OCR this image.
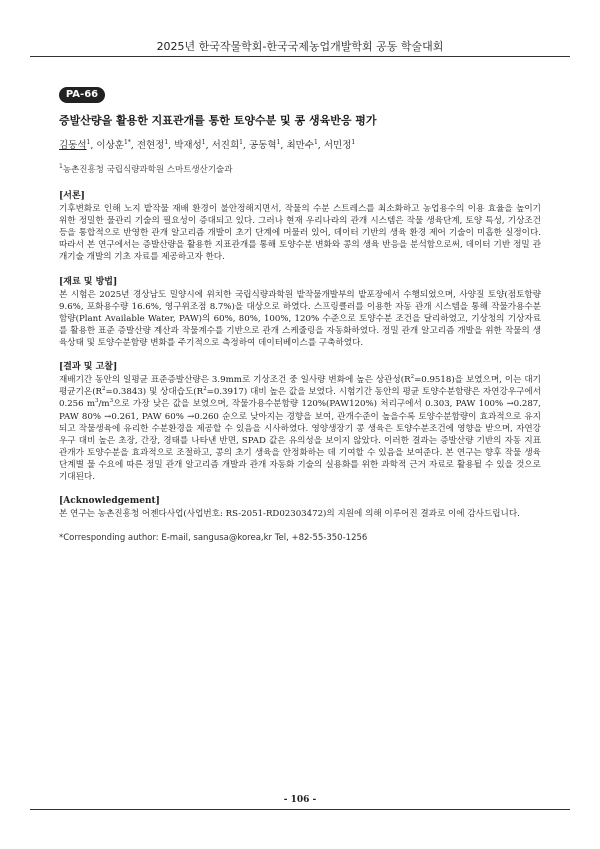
2025년 한국작물학회-한국국제농업개발학회 공동 학술대회
PA-66
증발산량을 활용한 지표관개를 통한 토양수분 및 콩 생육반응 평가
김동석$^1$, 이상훈$^{1*}$, 전현정$^1$, 박재성$^1$, 서진희$^1$, 공동혁$^1$, 최만수$^1$, 서민정$^1$
$^1$농촌진흥청 국립식량과학원 스마트생산기술과
[서론]
기후변화로 인해 노지 밭작물 재배 환경이 불안정해지면서, 작물의 수분 스트레스를 최소화하고 농업용수의 이용 효율을 높이기 위한 정밀한 물관리 기술의 필요성이 증대되고 있다. 그러나 현재 우리나라의 관개 시스템은 작물 생육단계, 토양 특성, 기상조건 등을 통합적으로 반영한 관개 알고리즘 개발이 초기 단계에 머물러 있어, 데이터 기반의 생육 환경 제어 기술이 미흡한 실정이다. 따라서 본 연구에서는 증발산량을 활용한 지표관개를 통해 토양수분 변화와 콩의 생육 반응을 분석함으로써, 데이터 기반 정밀 관개기술 개발의 기초 자료를 제공하고자 한다.
[재료 및 방법]
본 시험은 2025년 경상남도 밀양시에 위치한 국립식량과학원 밭작물개발부의 밭포장에서 수행되었으며, 사양질 토양(점토함량 9.6%, 포화용수량 16.6%, 영구위조점 8.7%)을 대상으로 하였다. 스프링클러를 이용한 자동 관개 시스템을 통해 작물가용수분함량(Plant Available Water, PAW)의 60%, 80%, 100%, 120% 수준으로 토양수분 조건을 달리하였고, 기상청의 기상자료를 활용한 표준 증발산량 계산과 작물계수를 기반으로 관개 스케줄링을 자동화하였다. 정밀 관개 알고리즘 개발을 위한 작물의 생육상태 및 토양수분함량 변화를 주기적으로 측정하여 데이터베이스를 구축하였다.
[결과 및 고찰]
재배기간 동안의 일평균 표준증발산량은 3.9mm로 기상조건 중 일사량 변화에 높은 상관성$(R^2=0.9518)$을 보였으며, 이는 대기 평균기온$(R^2=0.3843)$ 및 상대습도$(R^2=0.3917)$ 대비 높은 값을 보였다. 시험기간 동안의 평균 토양수분함량은 자연강우구에서 0.256 $m^3/m^3$으로 가장 낮은 값을 보였으며, 작물가용수분함량 120%(PAW120%) 처리구에서 0.303, PAW 100% →0.287, PAW 80% →0.261, PAW 60% →0.260 순으로 낮아지는 경향을 보여, 관개수준이 높을수록 토양수분함량이 효과적으로 유지되고 작물생육에 유리한 수분환경을 제공할 수 있음을 시사하였다. 영양생장기 콩 생육은 토양수분조건에 영향을 받으며, 자연강우구 대비 높은 초장, 간장, 경태를 나타낸 반면, SPAD 값은 유의성을 보이지 않았다. 이러한 결과는 증발산량 기반의 자동 지표관개가 토양수분을 효과적으로 조절하고, 콩의 초기 생육을 안정화하는 데 기여할 수 있음을 보여준다. 본 연구는 향후 작물 생육단계별 물 수요에 따른 정밀 관개 알고리즘 개발과 관개 자동화 기술의 실용화를 위한 과학적 근거 자료로 활용될 수 있을 것으로 기대된다.
[Acknowledgement]
본 연구는 농촌진흥청 어젠다사업(사업번호: RS-2051-RD02303472)의 지원에 의해 이루어진 결과로 이에 감사드립니다.
*Corresponding author: E-mail, sangusa@korea,kr Tel, +82-55-350-1256
- 106 -
